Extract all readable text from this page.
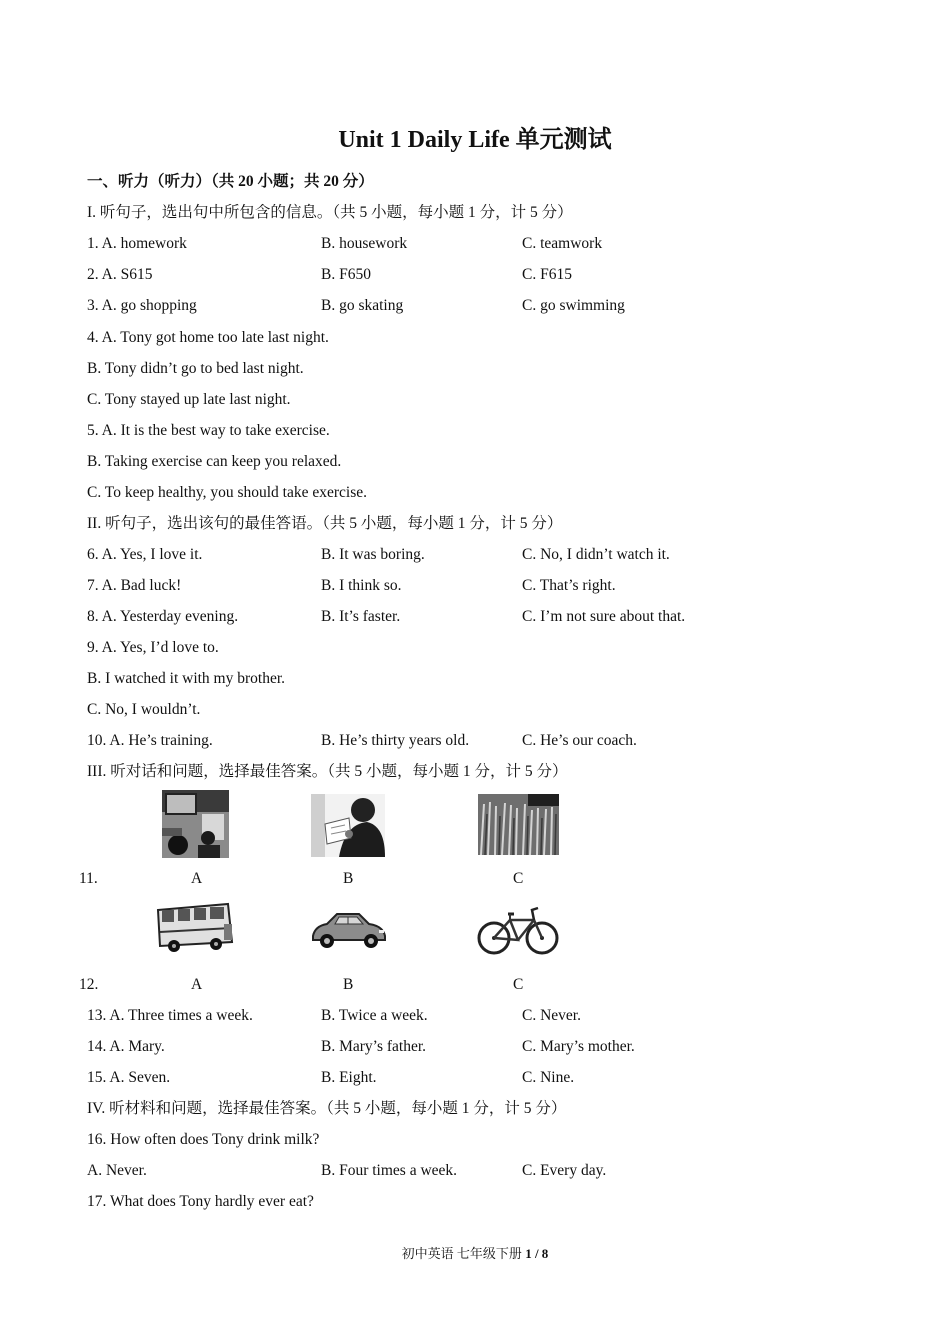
Unit 1 Daily Life 单元测试
一、听力（听力）（共 20 小题；共 20 分）
I. 听句子，选出句中所包含的信息。（共 5 小题，每小题 1 分，计 5 分）
1. A. homework	B. housework	C. teamwork
2. A. S615	B. F650	C. F615
3. A. go shopping	B. go skating	C. go swimming
4. A. Tony got home too late last night.
B. Tony didn’t go to bed last night.
C. Tony stayed up late last night.
5. A. It is the best way to take exercise.
B. Taking exercise can keep you relaxed.
C. To keep healthy, you should take exercise.
II. 听句子，选出该句的最佳答语。（共 5 小题，每小题 1 分，计 5 分）
6. A. Yes, I love it.	B. It was boring.	C. No, I didn’t watch it.
7. A. Bad luck!	B. I think so.	C. That’s right.
8. A. Yesterday evening.	B. It’s faster.	C. I’m not sure about that.
9. A. Yes, I’d love to.
B. I watched it with my brother.
C. No, I wouldn’t.
10. A. He’s training.	B. He’s thirty years old.	C. He’s our coach.
III. 听对话和问题，选择最佳答案。（共 5 小题，每小题 1 分，计 5 分）
11.	A	B	C
12.	A	B	C
13. A. Three times a week.	B. Twice a week.	C. Never.
14. A. Mary.	B. Mary’s father.	C. Mary’s mother.
15. A. Seven.	B. Eight.	C. Nine.
IV. 听材料和问题，选择最佳答案。（共 5 小题，每小题 1 分，计 5 分）
16. How often does Tony drink milk?
A. Never.	B. Four times a week.	C. Every day.
17. What does Tony hardly ever eat?
初中英语 七年级下册 1 / 8
